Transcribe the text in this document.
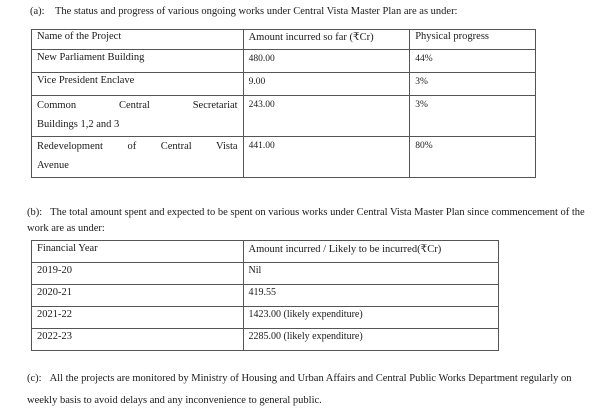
(a): The status and progress of various ongoing works under Central Vista Master Plan are as under:
Name of the Project	Amount incurred so far (₹Cr)	Physical progress
New Parliament Building	480.00	44%
Vice President Enclave	9.00	3%

Common Central Secretariat
Buildings 1,2 and 3	243.00	3%

Redevelopment of Central Vista
Avenue	441.00	80%
(b): The total amount spent and expected to be spent on various works under Central Vista Master Plan since commencement of the work are as under:
Financial Year	Amount incurred / Likely to be incurred(₹Cr)
2019-20	Nil
2020-21	419.55
2021-22	1423.00 (likely expenditure)
2022-23	2285.00 (likely expenditure)
(c): All the projects are monitored by Ministry of Housing and Urban Affairs and Central Public Works Department regularly on weekly basis to avoid delays and any inconvenience to general public.
